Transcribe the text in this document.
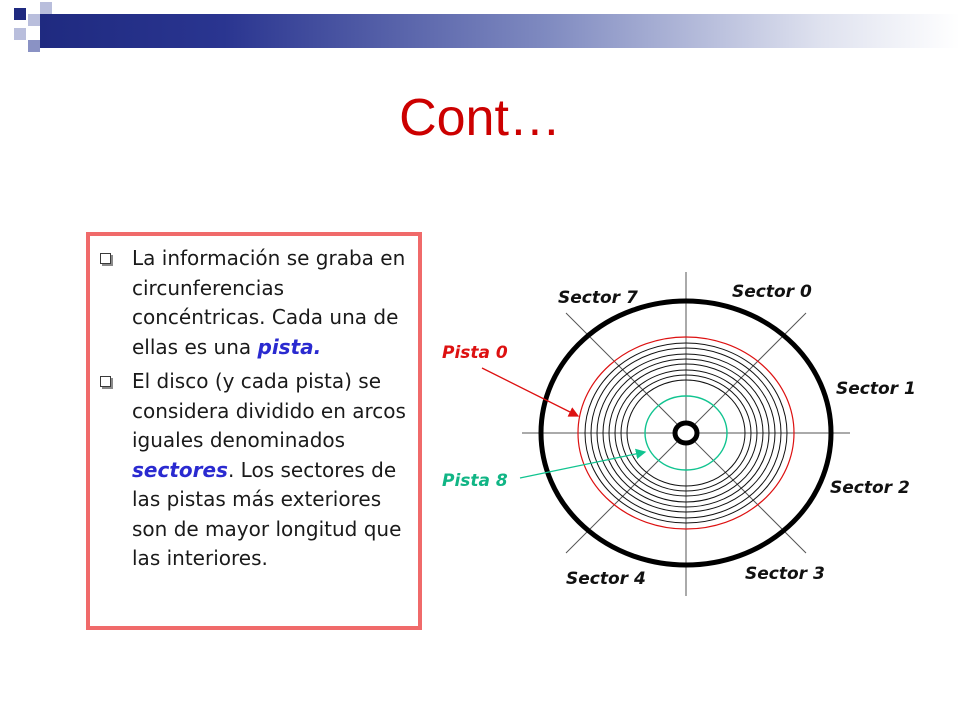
Cont…
La información se graba en circunferencias concéntricas. Cada una de ellas es una pista.
El disco (y cada pista) se considera dividido en arcos iguales denominados sectores. Los sectores de las pistas más exteriores son de mayor longitud que las interiores.
Sector 7	Sector 0
Sector 1
Sector 2
Sector 3
Sector 4
Pista 0
Pista 8
